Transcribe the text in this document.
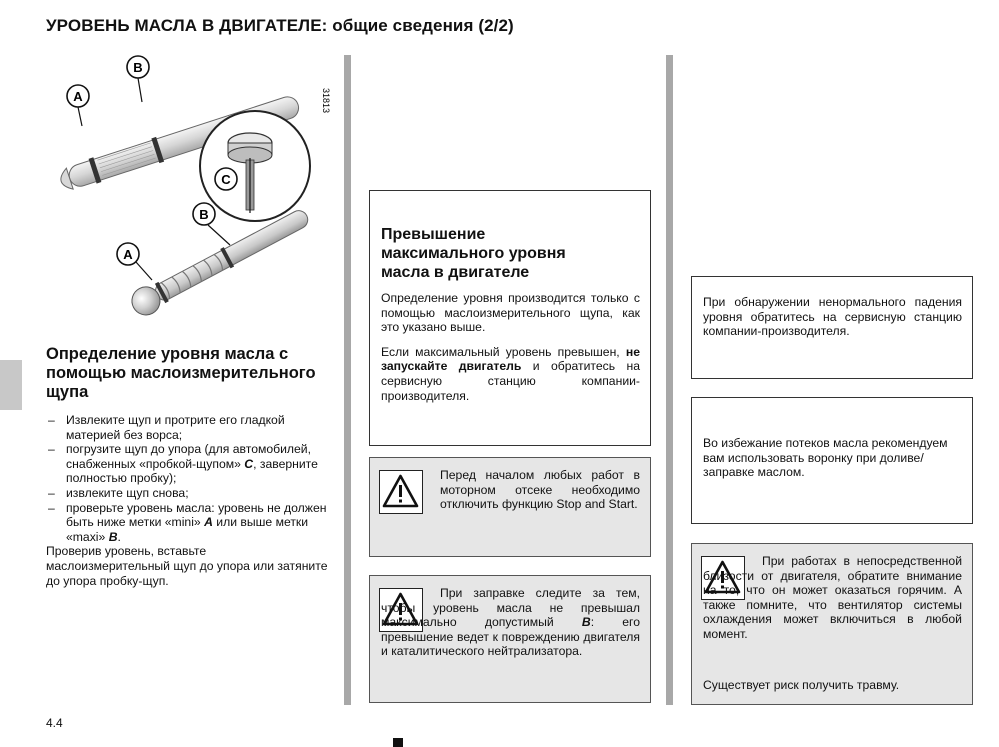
УРОВЕНЬ МАСЛА В ДВИГАТЕЛЕ: общие сведения (2/2)
A
B
31813
C
B
A
Определение уровня масла с помощью маслоизмерительного щупа
– Извлеките щуп и протрите его гладкой материей без ворса;
– погрузите щуп до упора (для автомобилей, снабженных «пробкой-щупом» C, заверните полностью пробку);
– извлеките щуп снова;
– проверьте уровень масла: уровень не должен быть ниже метки «mini» A или выше метки «maxi» B.
Проверив уровень, вставьте маслоизмерительный щуп до упора или затяните до упора пробку-щуп.
Превышение максимального уровня масла в двигателе
Определение уровня производится только с помощью маслоизмерительного щупа, как это указано выше.
Если максимальный уровень превышен, не запускайте двигатель и обратитесь на сервисную станцию компании-производителя.
Перед началом любых работ в моторном отсеке необходимо отключить функцию Stop and Start.
При заправке следите за тем, чтобы уровень масла не превышал максимально допустимый B: его превышение ведет к повреждению двигателя и каталитического нейтрализатора.
При обнаружении ненормального падения уровня обратитесь на сервисную станцию компании-производителя.
Во избежание потеков масла рекомендуем вам использовать воронку при доливе/заправке маслом.
При работах в непосредственной близости от двигателя, обратите внимание на то, что он может оказаться горячим. А также помните, что вентилятор системы охлаждения может включиться в любой момент.
Существует риск получить травму.
4.4
